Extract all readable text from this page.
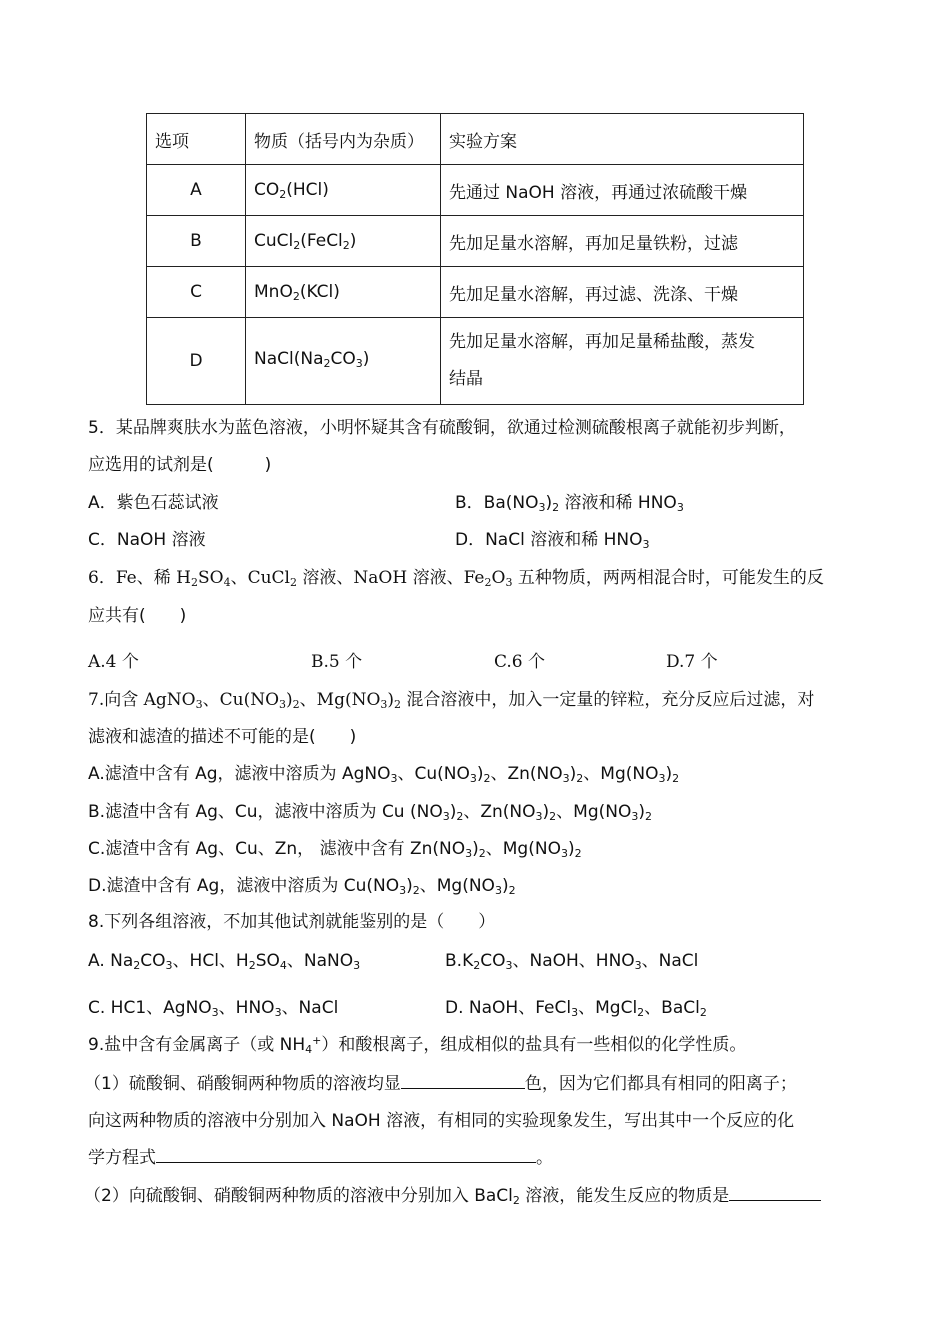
选项	物质（括号内为杂质）	实验方案
A	$CO_2(HCl)$	先通过 NaOH 溶液，再通过浓硫酸干燥
B	CuCl$_2$(FeCl$_2$)	先加足量水溶解，再加足量铁粉，过滤
C	MnO$_2$(KCl)	先加足量水溶解，再过滤、洗涤、干燥
D	$NaCl(Na_2CO_3)$	先加足量水溶解，再加足量稀盐酸，蒸发
结晶
5．某品牌爽肤水为蓝色溶液，小明怀疑其含有硫酸铜，欲通过检测硫酸根离子就能初步判断，
应选用的试剂是(　　　)
A．紫色石蕊试液	B．$Ba(NO_3)_2$ 溶液和稀 $HNO_3$
C．NaOH 溶液	D．NaCl 溶液和稀 $HNO_3$
6．Fe、稀 $H_2SO_4$、CuCl$_2$ 溶液、NaOH 溶液、$Fe_2O_3$ 五种物质，两两相混合时，可能发生的反
应共有(　　)
A.4 个	B.5 个	C.6 个	D.7 个
7.向含 AgNO$_3$、$Cu(NO_3)_2$、$Mg(NO_3)_2$ 混合溶液中，加入一定量的锌粒，充分反应后过滤，对
滤液和滤渣的描述不可能的是(　　)
A.滤渣中含有 Ag，滤液中溶质为 AgNO$_3$、$Cu(NO_3)_2$、$Zn(NO_3)_2$、$Mg(NO_3)_2$
B.滤渣中含有 Ag、Cu，滤液中溶质为 Cu $(NO_3)_2$、$Zn(NO_3)_2$、$Mg(NO_3)_2$
C.滤渣中含有 Ag、Cu、Zn， 滤液中含有 $Zn(NO_3)_2$、$Mg(NO_3)_2$
D.滤渣中含有 Ag，滤液中溶质为 $Cu(NO_3)_2$、$Mg(NO_3)_2$
8.下列各组溶液，不加其他试剂就能鉴别的是（　　）
A. $Na_2CO_3$、HCl、$H_2SO_4$、NaNO$_3$	$B.K_2CO_3$、NaOH、$HNO_3$、NaCl
C. HC1、AgNO$_3$、$HNO_3$、NaCl	D. NaOH、FeCl$_3$、MgCl$_2$、BaCl$_2$
9.盐中含有金属离子（或 $NH_4^+$）和酸根离子，组成相似的盐具有一些相似的化学性质。
（1）硫酸铜、硝酸铜两种物质的溶液均显	色，因为它们都具有相同的阳离子；
向这两种物质的溶液中分别加入 NaOH 溶液，有相同的实验现象发生，写出其中一个反应的化
学方程式	。
（2）向硫酸铜、硝酸铜两种物质的溶液中分别加入 BaCl$_2$ 溶液，能发生反应的物质是
